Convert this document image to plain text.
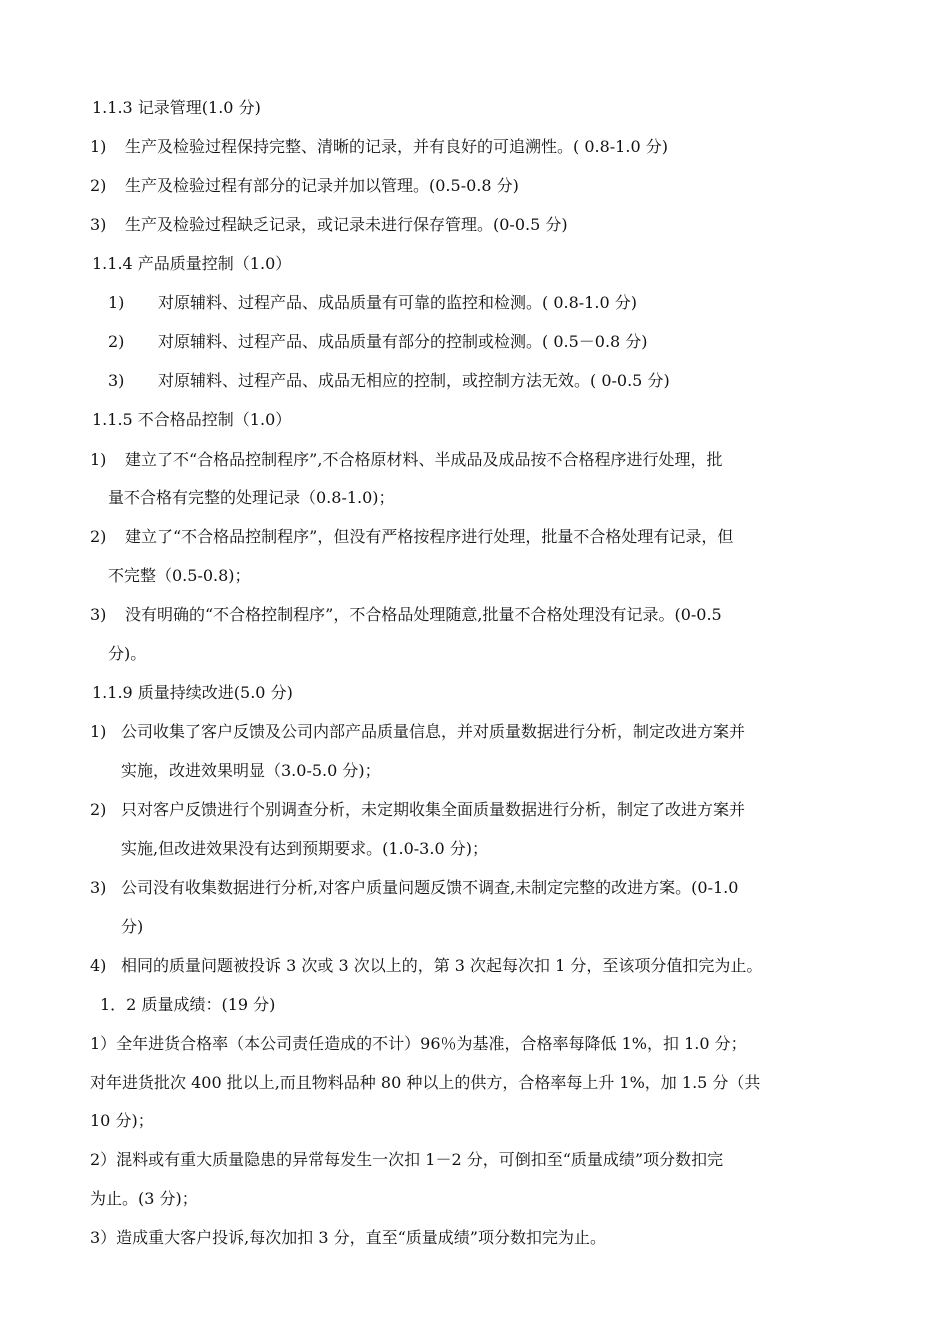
1.1.3 记录管理(1.0 分)
1) 生产及检验过程保持完整、清晰的记录，并有良好的可追溯性。( 0.8-1.0 分)
2) 生产及检验过程有部分的记录并加以管理。(0.5-0.8 分)
3) 生产及检验过程缺乏记录，或记录未进行保存管理。(0-0.5 分)
1.1.4 产品质量控制（1.0）
1) 对原辅料、过程产品、成品质量有可靠的监控和检测。( 0.8-1.0 分)
2) 对原辅料、过程产品、成品质量有部分的控制或检测。( 0.5－0.8 分)
3) 对原辅料、过程产品、成品无相应的控制，或控制方法无效。( 0-0.5 分)
1.1.5 不合格品控制（1.0）
1) 建立了不“合格品控制程序”,不合格原材料、半成品及成品按不合格程序进行处理，批
量不合格有完整的处理记录（0.8-1.0)；
2) 建立了“不合格品控制程序”，但没有严格按程序进行处理，批量不合格处理有记录，但
不完整（0.5-0.8)；
3) 没有明确的“不合格控制程序”，不合格品处理随意,批量不合格处理没有记录。(0-0.5
分)。
1.1.9 质量持续改进(5.0 分)
1) 公司收集了客户反馈及公司内部产品质量信息，并对质量数据进行分析，制定改进方案并
实施，改进效果明显（3.0-5.0 分)；
2) 只对客户反馈进行个别调查分析，未定期收集全面质量数据进行分析，制定了改进方案并
实施,但改进效果没有达到预期要求。(1.0-3.0 分)；
3) 公司没有收集数据进行分析,对客户质量问题反馈不调查,未制定完整的改进方案。(0-1.0
分)
4) 相同的质量问题被投诉 3 次或 3 次以上的，第 3 次起每次扣 1 分，至该项分值扣完为止。
1．2 质量成绩：(19 分)
1）全年进货合格率（本公司责任造成的不计）96％为基准，合格率每降低 1%，扣 1.0 分；
对年进货批次 400 批以上,而且物料品种 80 种以上的供方，合格率每上升 1%，加 1.5 分（共
10 分)；
2）混料或有重大质量隐患的异常每发生一次扣 1－2 分，可倒扣至“质量成绩”项分数扣完
为止。(3 分)；
3）造成重大客户投诉,每次加扣 3 分，直至“质量成绩”项分数扣完为止。
